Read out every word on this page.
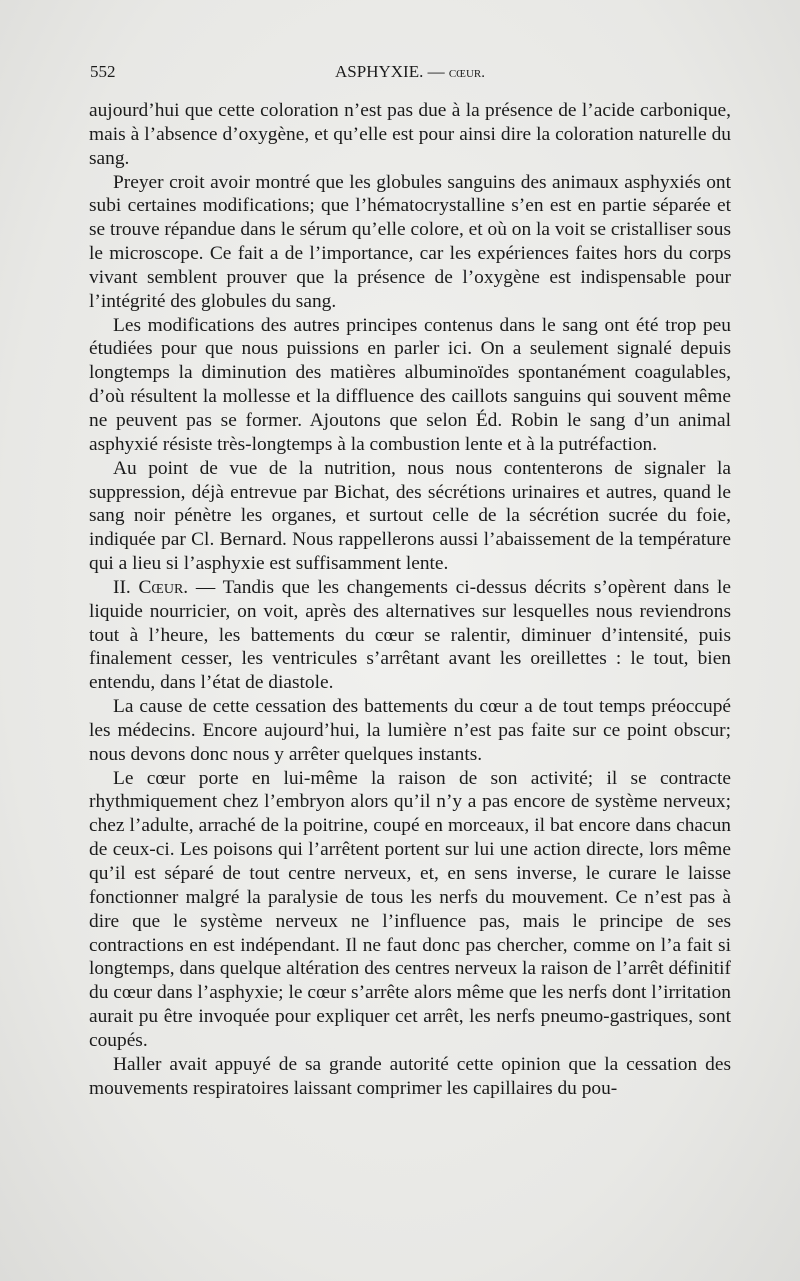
552	ASPHYXIE. — cœur.

aujourd’hui que cette coloration n’est pas due à la présence de l’acide carbonique, mais à l’absence d’oxygène, et qu’elle est pour ainsi dire la coloration naturelle du sang.

Preyer croit avoir montré que les globules sanguins des animaux asphyxiés ont subi certaines modifications; que l’hématocrystalline s’en est en partie séparée et se trouve répandue dans le sérum qu’elle colore, et où on la voit se cristalliser sous le microscope. Ce fait a de l’importance, car les expériences faites hors du corps vivant semblent prouver que la présence de l’oxygène est indispensable pour l’intégrité des globules du sang.

Les modifications des autres principes contenus dans le sang ont été trop peu étudiées pour que nous puissions en parler ici. On a seulement signalé depuis longtemps la diminution des matières albuminoïdes spontanément coagulables, d’où résultent la mollesse et la diffluence des caillots sanguins qui souvent même ne peuvent pas se former. Ajoutons que selon Éd. Robin le sang d’un animal asphyxié résiste très-longtemps à la combustion lente et à la putréfaction.

Au point de vue de la nutrition, nous nous contenterons de signaler la suppression, déjà entrevue par Bichat, des sécrétions urinaires et autres, quand le sang noir pénètre les organes, et surtout celle de la sécrétion sucrée du foie, indiquée par Cl. Bernard. Nous rappellerons aussi l’abaissement de la température qui a lieu si l’asphyxie est suffisamment lente.

II. Cœur. — Tandis que les changements ci-dessus décrits s’opèrent dans le liquide nourricier, on voit, après des alternatives sur lesquelles nous reviendrons tout à l’heure, les battements du cœur se ralentir, diminuer d’intensité, puis finalement cesser, les ventricules s’arrêtant avant les oreillettes : le tout, bien entendu, dans l’état de diastole.

La cause de cette cessation des battements du cœur a de tout temps préoccupé les médecins. Encore aujourd’hui, la lumière n’est pas faite sur ce point obscur; nous devons donc nous y arrêter quelques instants.

Le cœur porte en lui-même la raison de son activité; il se contracte rhythmiquement chez l’embryon alors qu’il n’y a pas encore de système nerveux; chez l’adulte, arraché de la poitrine, coupé en morceaux, il bat encore dans chacun de ceux-ci. Les poisons qui l’arrêtent portent sur lui une action directe, lors même qu’il est séparé de tout centre nerveux, et, en sens inverse, le curare le laisse fonctionner malgré la paralysie de tous les nerfs du mouvement. Ce n’est pas à dire que le système nerveux ne l’influence pas, mais le principe de ses contractions en est indépendant. Il ne faut donc pas chercher, comme on l’a fait si longtemps, dans quelque altération des centres nerveux la raison de l’arrêt définitif du cœur dans l’asphyxie; le cœur s’arrête alors même que les nerfs dont l’irritation aurait pu être invoquée pour expliquer cet arrêt, les nerfs pneumo-gastriques, sont coupés.

Haller avait appuyé de sa grande autorité cette opinion que la cessation des mouvements respiratoires laissant comprimer les capillaires du pou-
